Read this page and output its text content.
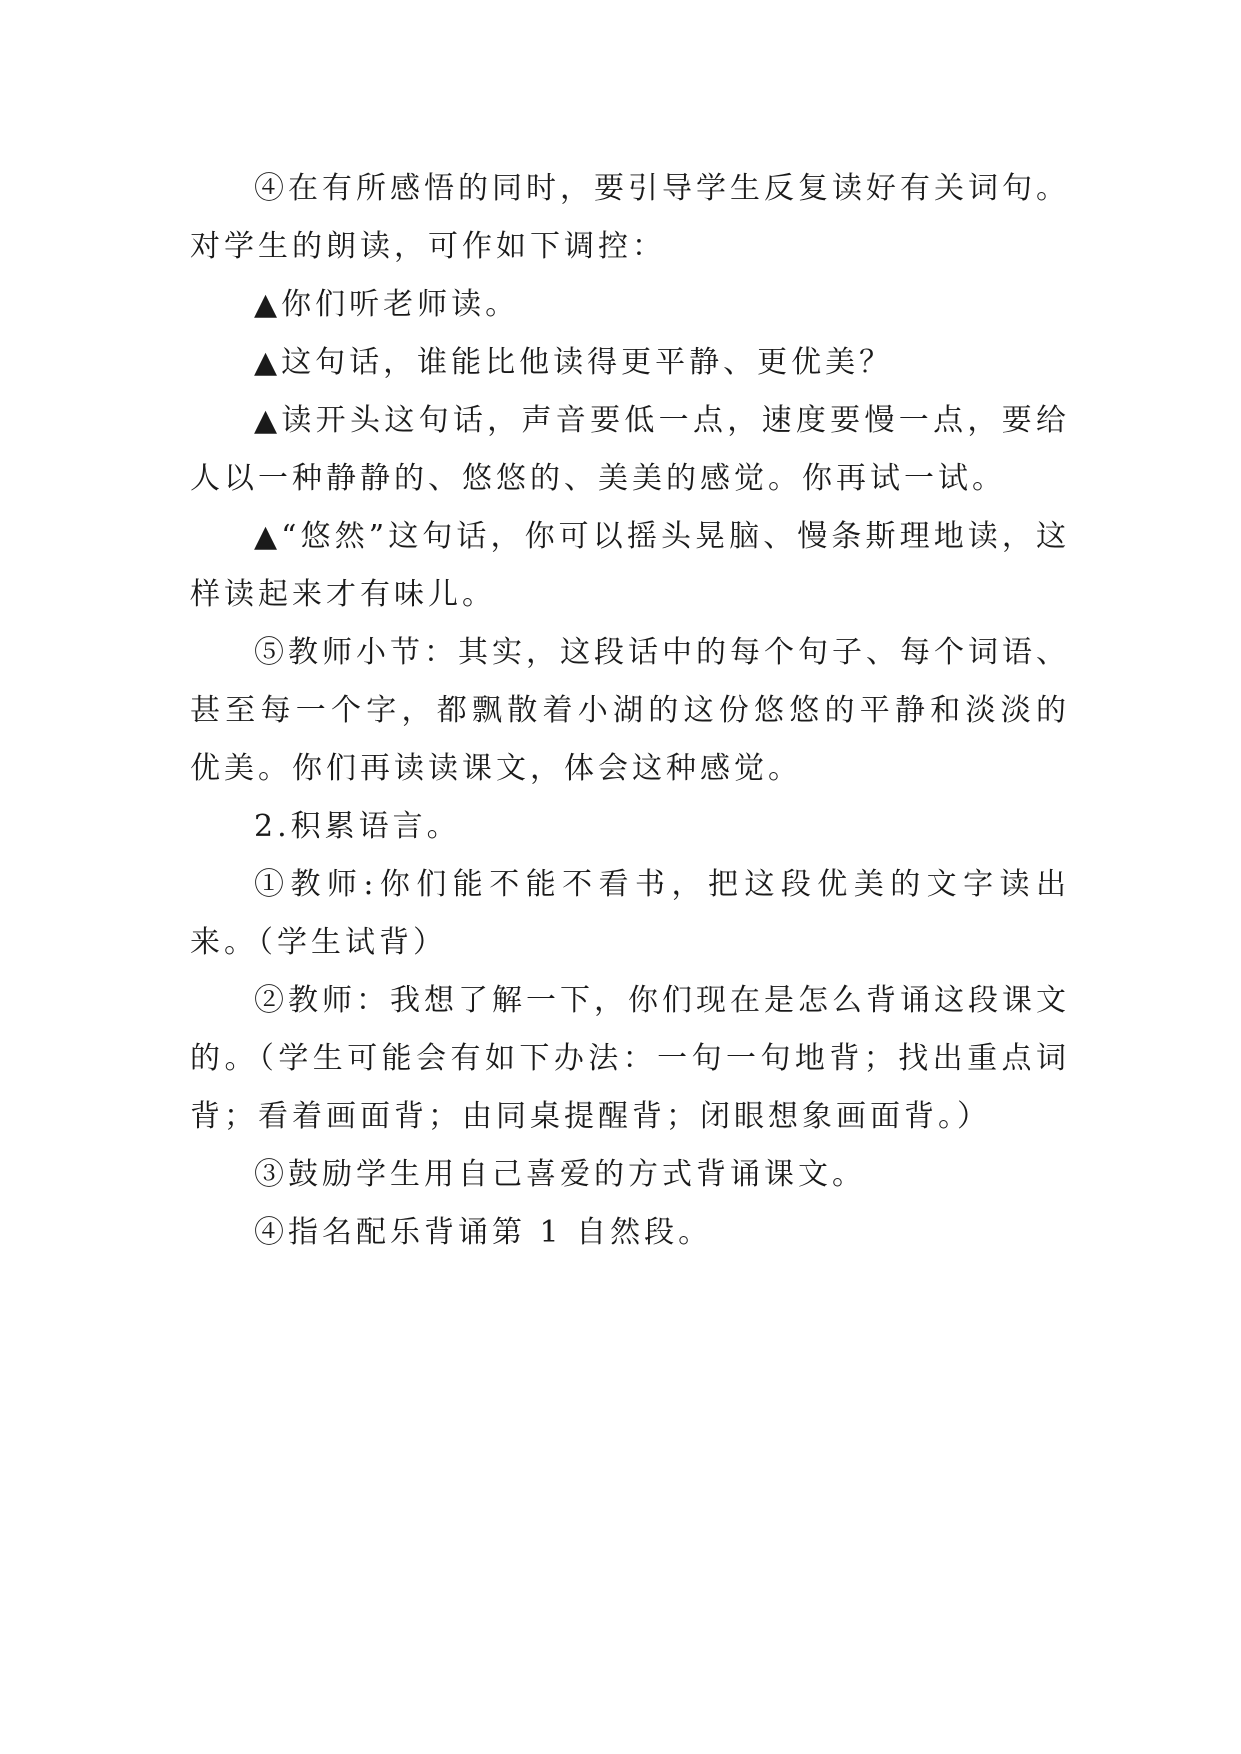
④在有所感悟的同时，要引导学生反复读好有关词句。对学生的朗读，可作如下调控：

▲你们听老师读。

▲这句话，谁能比他读得更平静、更优美？

▲读开头这句话，声音要低一点，速度要慢一点，要给人以一种静静的、悠悠的、美美的感觉。你再试一试。

▲“悠然”这句话，你可以摇头晃脑、慢条斯理地读，这样读起来才有味儿。

⑤教师小节：其实，这段话中的每个句子、每个词语、甚至每一个字，都飘散着小湖的这份悠悠的平静和淡淡的优美。你们再读读课文，体会这种感觉。

2.积累语言。

①教师:你们能不能不看书，把这段优美的文字读出来。（学生试背）

②教师：我想了解一下，你们现在是怎么背诵这段课文的。（学生可能会有如下办法：一句一句地背；找出重点词背；看着画面背；由同桌提醒背；闭眼想象画面背。）

③鼓励学生用自己喜爱的方式背诵课文。

④指名配乐背诵第 1 自然段。
